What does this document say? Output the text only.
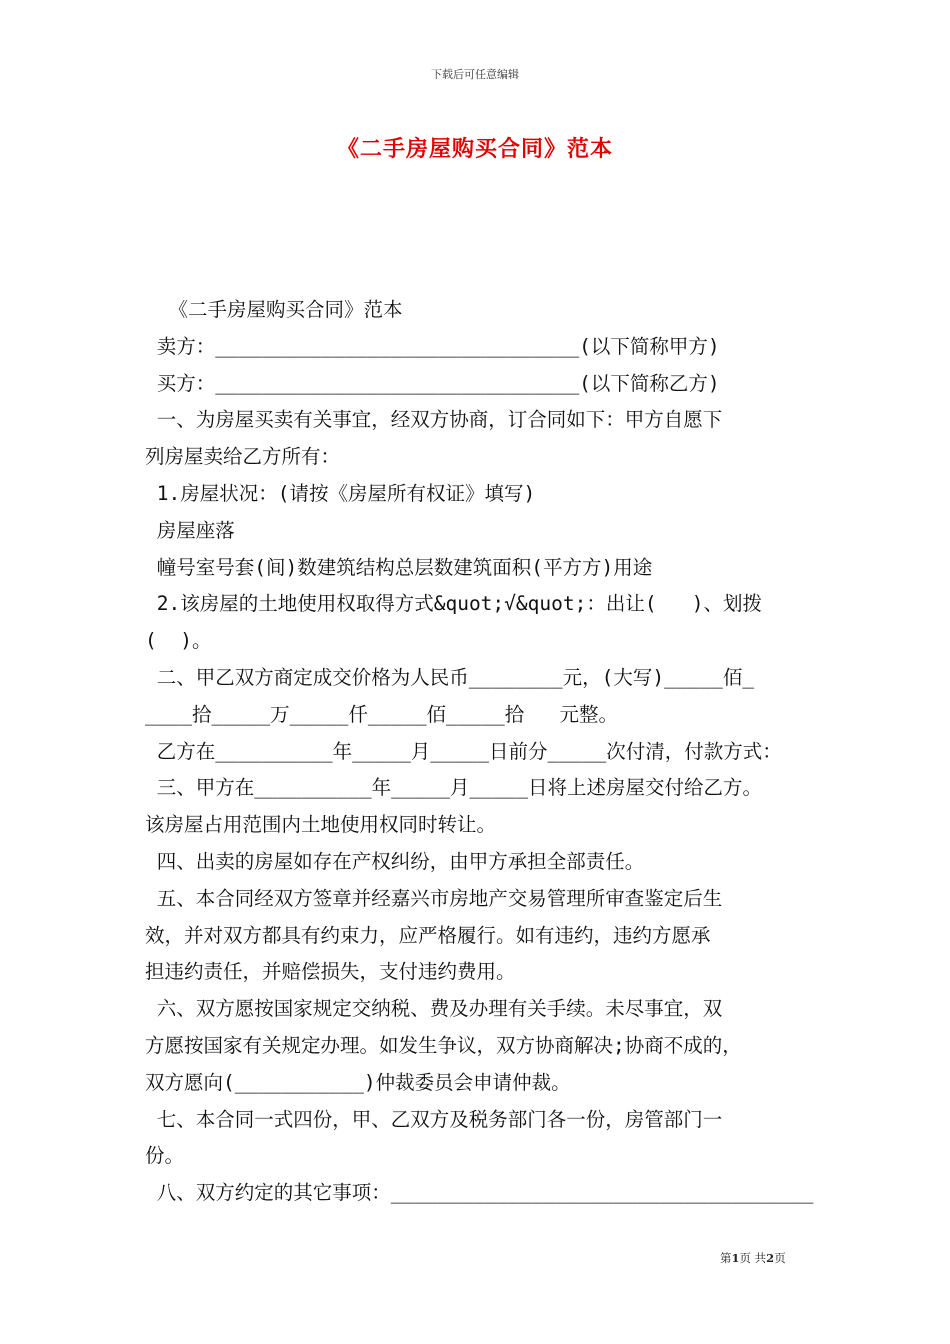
下载后可任意编辑
《二手房屋购买合同》范本
《二手房屋购买合同》范本
卖方：_______________________________(以下简称甲方)
买方：_______________________________(以下简称乙方)
一、为房屋买卖有关事宜，经双方协商，订合同如下：甲方自愿下
列房屋卖给乙方所有：
1.房屋状况：(请按《房屋所有权证》填写)
房屋座落
幢号室号套(间)数建筑结构总层数建筑面积(平方方)用途
2.该房屋的土地使用权取得方式&quot;√&quot;：出让(   )、划拨
(  )。
二、甲乙双方商定成交价格为人民币________元，(大写)_____佰_
____拾_____万_____仟_____佰_____拾   元整。
乙方在__________年_____月_____日前分_____次付清，付款方式：
三、甲方在__________年_____月_____日将上述房屋交付给乙方。
该房屋占用范围内土地使用权同时转让。
四、出卖的房屋如存在产权纠纷，由甲方承担全部责任。
五、本合同经双方签章并经嘉兴市房地产交易管理所审查鉴定后生
效，并对双方都具有约束力，应严格履行。如有违约，违约方愿承
担违约责任，并赔偿损失，支付违约费用。
六、双方愿按国家规定交纳税、费及办理有关手续。未尽事宜，双
方愿按国家有关规定办理。如发生争议，双方协商解决;协商不成的，
双方愿向(___________)仲裁委员会申请仲裁。
七、本合同一式四份，甲、乙双方及税务部门各一份，房管部门一
份。
八、双方约定的其它事项：____________________________________
第1页 共2页
